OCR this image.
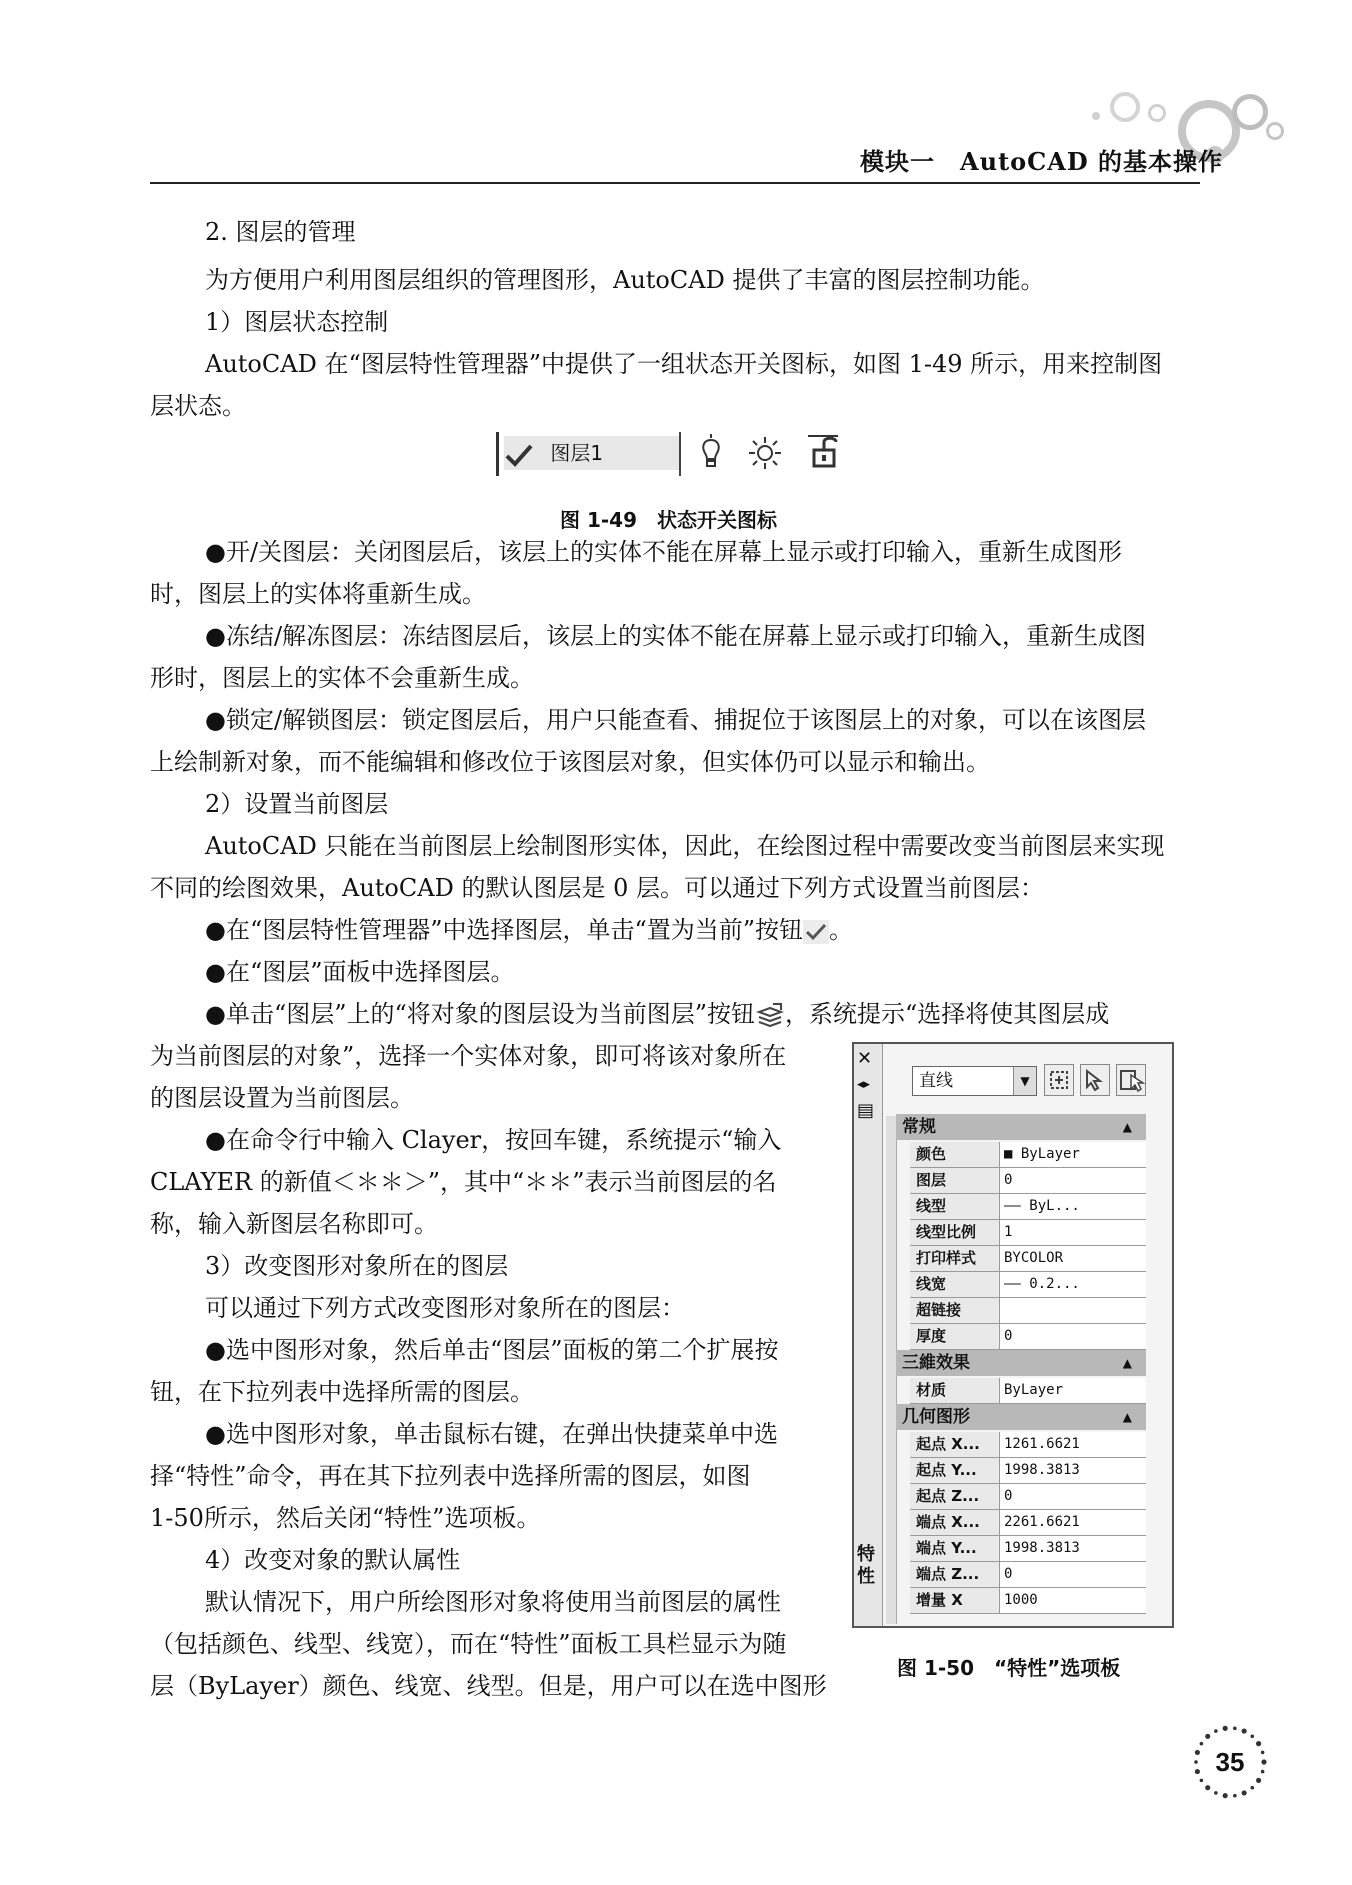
模块一　AutoCAD 的基本操作
2. 图层的管理
为方便用户利用图层组织的管理图形，AutoCAD 提供了丰富的图层控制功能。
1）图层状态控制
AutoCAD 在“图层特性管理器”中提供了一组状态开关图标，如图 1-49 所示，用来控制图
层状态。
图层1
图 1-49　状态开关图标
●开/关图层：关闭图层后，该层上的实体不能在屏幕上显示或打印输入，重新生成图形
时，图层上的实体将重新生成。
●冻结/解冻图层：冻结图层后，该层上的实体不能在屏幕上显示或打印输入，重新生成图
形时，图层上的实体不会重新生成。
●锁定/解锁图层：锁定图层后，用户只能查看、捕捉位于该图层上的对象，可以在该图层
上绘制新对象，而不能编辑和修改位于该图层对象，但实体仍可以显示和输出。
2）设置当前图层
AutoCAD 只能在当前图层上绘制图形实体，因此，在绘图过程中需要改变当前图层来实现
不同的绘图效果，AutoCAD 的默认图层是 0 层。可以通过下列方式设置当前图层：
●在“图层特性管理器”中选择图层，单击“置为当前”按钮 。
●在“图层”面板中选择图层。
●单击“图层”上的“将对象的图层设为当前图层”按钮 ，系统提示“选择将使其图层成
为当前图层的对象”，选择一个实体对象，即可将该对象所在
的图层设置为当前图层。
●在命令行中输入 Clayer，按回车键，系统提示“输入
CLAYER 的新值＜＊＊＞”，其中“＊＊”表示当前图层的名
称，输入新图层名称即可。
3）改变图形对象所在的图层
可以通过下列方式改变图形对象所在的图层：
●选中图形对象，然后单击“图层”面板的第二个扩展按
钮，在下拉列表中选择所需的图层。
●选中图形对象，单击鼠标右键，在弹出快捷菜单中选
择“特性”命令，再在其下拉列表中选择所需的图层，如图
1-50所示，然后关闭“特性”选项板。
4）改变对象的默认属性
默认情况下，用户所绘图形对象将使用当前图层的属性
（包括颜色、线型、线宽），而在“特性”面板工具栏显示为随
层（ByLayer）颜色、线宽、线型。但是，用户可以在选中图形
✕
◂▸
▤
特性
直线	▼
常规	▲
颜色	■ ByLayer
图层	0
线型	—— ByL...
线型比例	1
打印样式	BYCOLOR
线宽	—— 0.2...
超链接
厚度	0
三維效果	▲
材质	ByLayer
几何图形	▲
起点 X...	1261.6621
起点 Y...	1998.3813
起点 Z...	0
端点 X...	2261.6621
端点 Y...	1998.3813
端点 Z...	0
增量 X	1000
图 1-50　“特性”选项板
35
